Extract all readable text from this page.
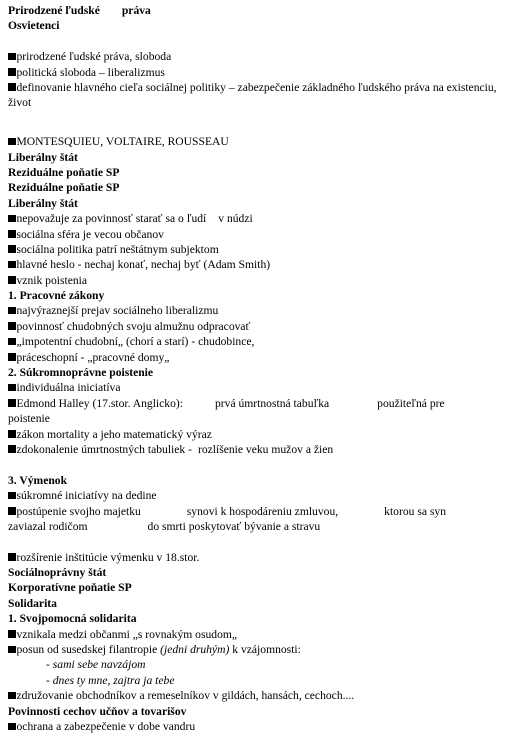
Prirodzené ľudské práva
Osvietenci
prirodzené ľudské práva, sloboda
politická sloboda – liberalizmus
definovanie hlavného cieľa sociálnej politiky – zabezpečenie základného ľudského práva na existenciu, život
MONTESQUIEU, VOLTAIRE, ROUSSEAU
Liberálny štát
Reziduálne poňatie SP
Reziduálne poňatie SP
Liberálny štát
nepovažuje za povinnosť starať sa o ľudí v núdzi
sociálna sféra je vecou občanov
sociálna politika patrí neštátnym subjektom
hlavné heslo - nechaj konať, nechaj byť (Adam Smith)
vznik poistenia
1. Pracovné zákony
najvýraznejší prejav sociálneho liberalizmu
povinnosť chudobných svoju almužnu odpracovať
„impotentní chudobní„ (chorí a starí) - chudobince,
práceschopní - „pracovné domy„
2. Súkromnoprávne poistenie
individuálna iniciatíva
Edmond Halley (17.stor. Anglicko):	prvá úmrtnostná tabuľka	použiteľná pre
poistenie
zákon mortality a jeho matematický výraz
zdokonalenie úmrtnostných tabuliek - rozlíšenie veku mužov a žien
3. Výmenok
súkromné iniciatívy na dedine
postúpenie svojho majetku	synovi k hospodáreniu zmluvou,	ktorou sa syn
zaviazal rodičom	do smrti poskytovať bývanie a stravu
rozšírenie inštitúcie výmenku v 18.stor.
Sociálnoprávny štát
Korporatívne poňatie SP
Solidarita
1. Svojpomocná solidarita
vznikala medzi občanmi „s rovnakým osudom„
posun od susedskej filantropie (jedni druhým) k vzájomnosti:
- sami sebe navzájom
- dnes ty mne, zajtra ja tebe
združovanie obchodníkov a remeselníkov v gildách, hansách, cechoch....
Povinnosti cechov učňov a tovarišov
ochrana a zabezpečenie v dobe vandru
